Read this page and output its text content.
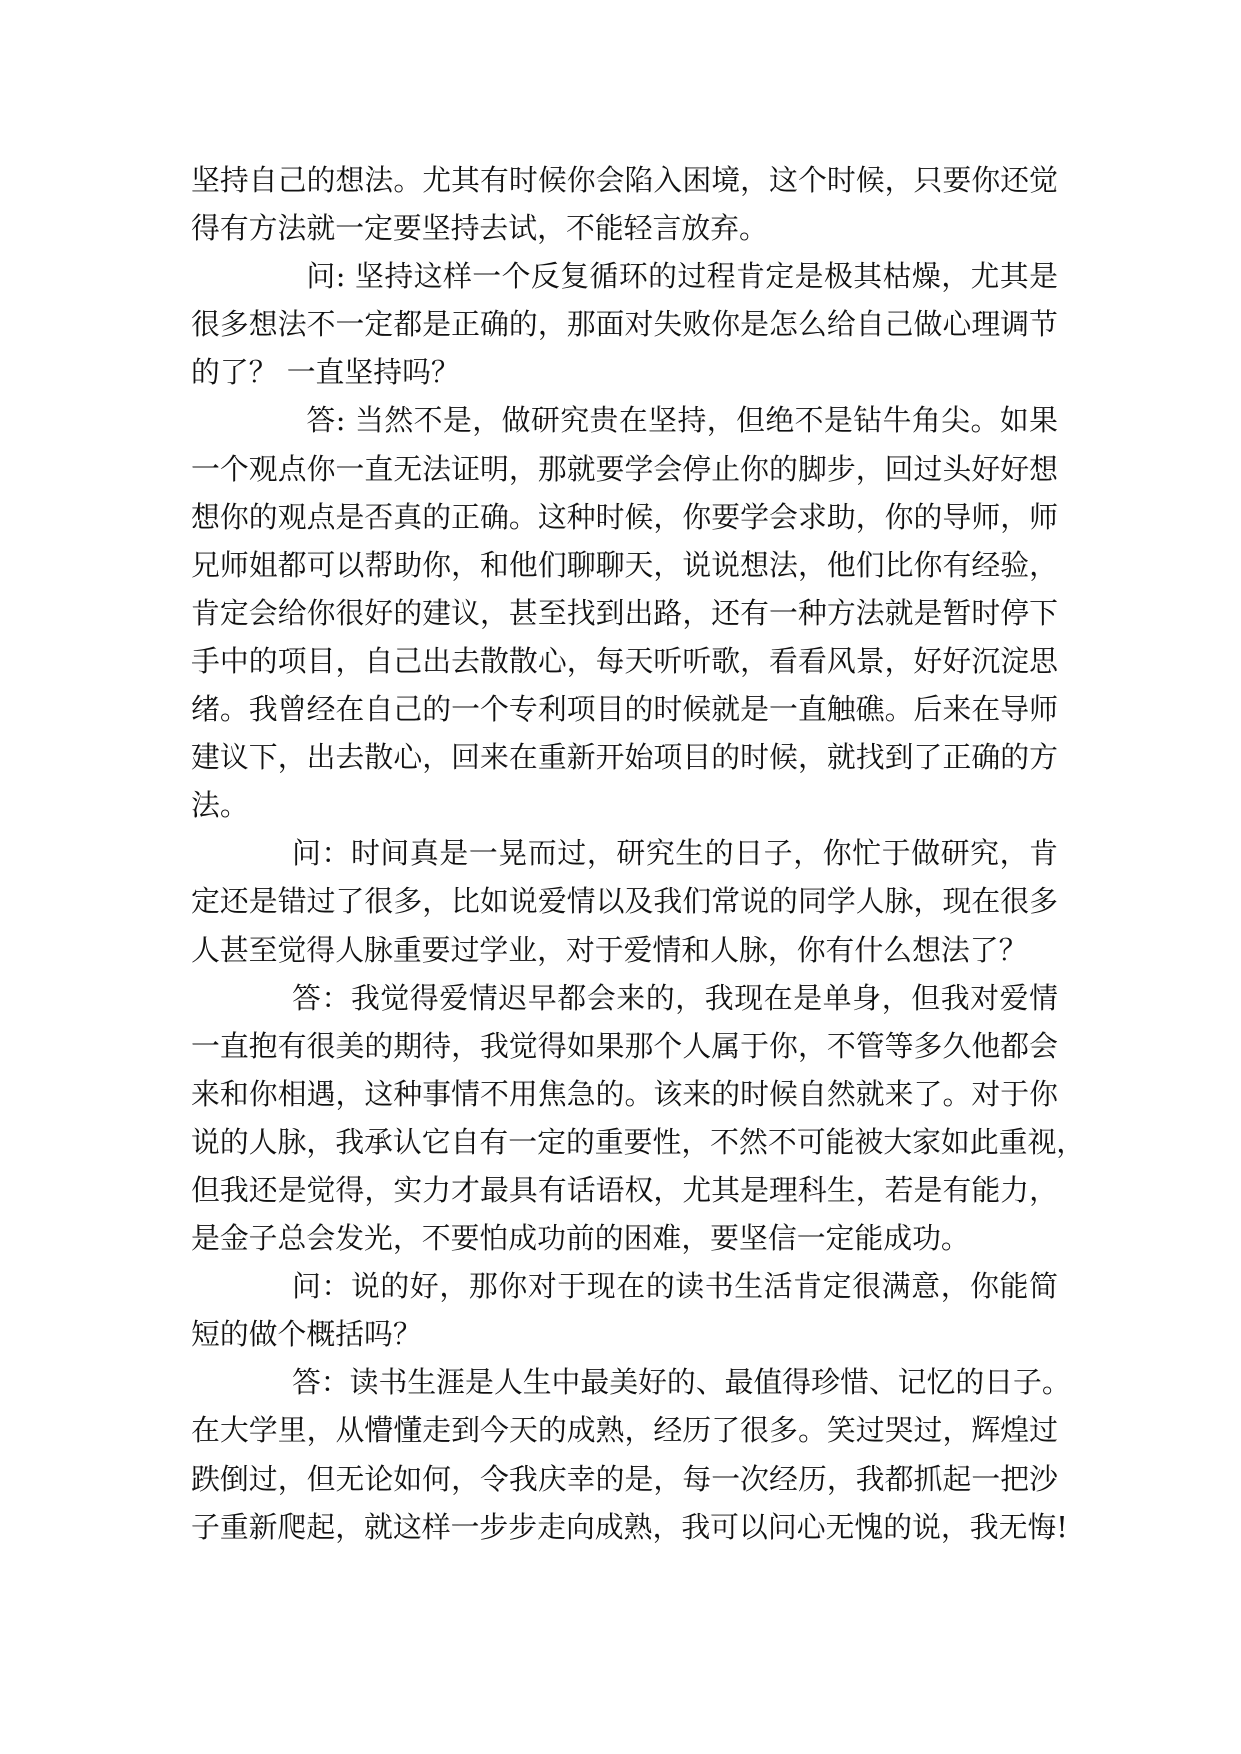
坚持自己的想法。尤其有时候你会陷入困境，这个时候，只要你还觉
得有方法就一定要坚持去试，不能轻言放弃。
问: 坚持这样一个反复循环的过程肯定是极其枯燥，尤其是
很多想法不一定都是正确的，那面对失败你是怎么给自己做心理调节
的了？ 一直坚持吗？
答: 当然不是，做研究贵在坚持，但绝不是钻牛角尖。如果
一个观点你一直无法证明，那就要学会停止你的脚步，回过头好好想
想你的观点是否真的正确。这种时候，你要学会求助，你的导师，师
兄师姐都可以帮助你，和他们聊聊天，说说想法，他们比你有经验，
肯定会给你很好的建议，甚至找到出路，还有一种方法就是暂时停下
手中的项目，自己出去散散心，每天听听歌，看看风景，好好沉淀思
绪。我曾经在自己的一个专利项目的时候就是一直触礁。后来在导师
建议下，出去散心，回来在重新开始项目的时候，就找到了正确的方
法。
问：时间真是一晃而过，研究生的日子，你忙于做研究，肯
定还是错过了很多，比如说爱情以及我们常说的同学人脉，现在很多
人甚至觉得人脉重要过学业，对于爱情和人脉，你有什么想法了？
答：我觉得爱情迟早都会来的，我现在是单身，但我对爱情
一直抱有很美的期待，我觉得如果那个人属于你，不管等多久他都会
来和你相遇，这种事情不用焦急的。该来的时候自然就来了。对于你
说的人脉，我承认它自有一定的重要性，不然不可能被大家如此重视，
但我还是觉得，实力才最具有话语权，尤其是理科生，若是有能力，
是金子总会发光，不要怕成功前的困难，要坚信一定能成功。
问：说的好，那你对于现在的读书生活肯定很满意，你能简
短的做个概括吗？
答：读书生涯是人生中最美好的、最值得珍惜、记忆的日子。
在大学里，从懵懂走到今天的成熟，经历了很多。笑过哭过，辉煌过
跌倒过，但无论如何，令我庆幸的是，每一次经历，我都抓起一把沙
子重新爬起，就这样一步步走向成熟，我可以问心无愧的说，我无悔!
